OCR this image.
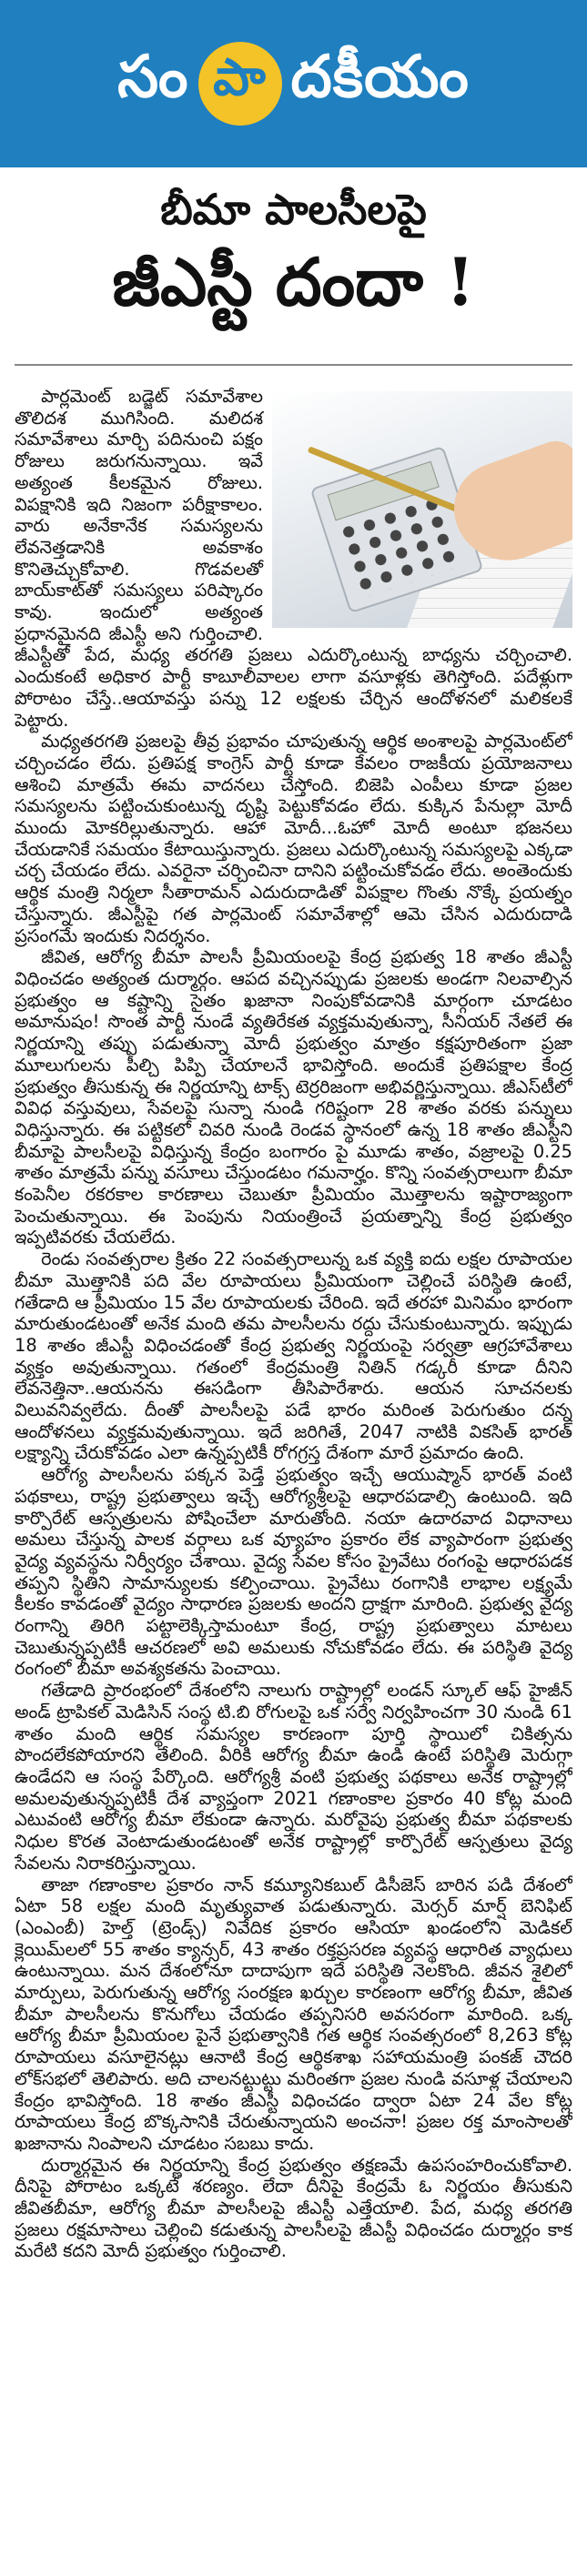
సం పా దకీయం
బీమా పాలసీలపై
జీఎస్టీ దందా !

పార్లమెంట్ బడ్జెట్ సమావేశాల తొలిదశ ముగిసింది. మలిదశ సమావేశాలు మార్చి పదినుంచి పక్షం రోజులు జరుగనున్నాయి. ఇవే అత్యంత కీలకమైన రోజులు. విపక్షానికి ఇది నిజంగా పరీక్షాకాలం. వారు అనేకానేక సమస్యలను లేవనెత్తడానికి అవకాశం కొనితెచ్చుకోవాలి. గొడవలతో బాయ్‌కాట్‌తో సమస్యలు పరిష్కారం కావు. ఇందులో అత్యంత ప్రధానమైనది జీఎస్టీ అని గుర్తించాలి. జీఎస్టీతో పేద, మధ్య తరగతి ప్రజలు ఎదుర్కొంటున్న బాధ్యను చర్చించాలి. ఎందుకంటే అధికార పార్టీ కాబూలీవాలల లాగా వసూళ్లకు తెగిస్తోంది. పదేళ్లుగా పోరాటం చేస్తే..ఆయావస్తు పన్ను 12 లక్షలకు చేర్చిన ఆందోళనలో మలికలకే పెట్టారు.

మధ్యతరగతి ప్రజలపై తీవ్ర ప్రభావం చూపుతున్న ఆర్థిక అంశాలపై పార్లమెంట్‌లో చర్చించడం లేదు. ప్రతిపక్ష కాంగ్రెస్ పార్టీ కూడా కేవలం రాజకీయ ప్రయోజనాలు ఆశించి మాత్రమే ఈమ వాదనలు చేస్తోంది. బిజెపి ఎంపీలు కూడా ప్రజల సమస్యలను పట్టించుకుంటున్న దృష్టి పెట్టుకోవడం లేదు. కుక్కిన పేనుల్లా మోదీ ముందు మోకరిల్లుతున్నారు. ఆహా మోదీ...ఓహో మోదీ అంటూ భజనలు చేయడానికే సమయం కేటాయిస్తున్నారు. ప్రజలు ఎదుర్కొంటున్న సమస్యలపై ఎక్కడా చర్చ చేయడం లేదు. ఎవరైనా చర్చించినా దానిని పట్టించుకోవడం లేదు. అంతెందుకు ఆర్థిక మంత్రి నిర్మలా సీతారామన్ ఎదురుదాడితో విపక్షాల గొంతు నొక్కే ప్రయత్నం చేస్తున్నారు. జీఎస్టీపై గత పార్లమెంట్ సమావేశాల్లో ఆమె చేసిన ఎదురుదాడి ప్రసంగమే ఇందుకు నిదర్శనం.

జీవిత, ఆరోగ్య బీమా పాలసీ ప్రీమియంలపై కేంద్ర ప్రభుత్వ 18 శాతం జీఎస్టీ విధించడం అత్యంత దుర్మార్గం. ఆపద వచ్చినప్పుడు ప్రజలకు అండగా నిలవాల్సిన ప్రభుత్వం ఆ కష్టాన్ని సైతం ఖజానా నింపుకోవడానికి మార్గంగా చూడటం అమానుషం! సొంత పార్టీ నుండే వ్యతిరేకత వ్యక్తమవుతున్నా, సీనియర్ నేతలే ఈ నిర్ణయాన్ని తప్పు పడుతున్నా మోదీ ప్రభుత్వం మాత్రం కక్షపూరితంగా ప్రజా మూలుగులను పీల్చి పిప్పి చేయాలనే భావిస్తోంది. అందుకే ప్రతిపక్షాల కేంద్ర ప్రభుత్వం తీసుకున్న ఈ నిర్ణయాన్ని టాక్స్ టెర్రరిజంగా అభివర్ణిస్తున్నాయి. జీఎస్‌టీలో వివిధ వస్తువులు, సేవలపై సున్నా నుండి గరిష్టంగా 28 శాతం వరకు పన్నులు విధిస్తున్నారు. ఈ పట్టికలో చివరి నుండి రెండవ స్థానంలో ఉన్న 18 శాతం జీఎస్టీని బీమాపై పాలసీలపై విధిస్తున్న కేంద్రం బంగారం పై మూడు శాతం, వజ్రాలపై 0.25 శాతం మాత్రమే పన్ను వసూలు చేస్తుండటం గమనార్హం. కొన్ని సంవత్సరాలుగా బీమా కంపెనీల రకరకాల కారణాలు చెబుతూ ప్రీమియం మొత్తాలను ఇష్టారాజ్యంగా పెంచుతున్నాయి. ఈ పెంపును నియంత్రించే ప్రయత్నాన్ని కేంద్ర ప్రభుత్వం ఇప్పటివరకు చేయలేదు.

రెండు సంవత్సరాల క్రితం 22 సంవత్సరాలున్న ఒక వ్యక్తి ఐదు లక్షల రూపాయల బీమా మొత్తానికి పది వేల రూపాయలు ప్రీమియంగా చెల్లించే పరిస్థితి ఉంటే, గతేడాది ఆ ప్రీమియం 15 వేల రూపాయలకు చేరింది. ఇదే తరహా మినిమం భారంగా మారుతుండటంతో అనేక మంది తమ పాలసీలను రద్దు చేసుకుంటున్నారు. ఇప్పుడు 18 శాతం జీఎస్టీ విధించడంతో కేంద్ర ప్రభుత్వ నిర్ణయంపై సర్వత్రా ఆగ్రహావేశాలు వ్యక్తం అవుతున్నాయి. గతంలో కేంద్రమంత్రి నితిన్ గడ్కరీ కూడా దీనిని లేవనెత్తినా..ఆయనను ఈసడింగా తీసిపారేశారు. ఆయన సూచనలకు విలువనివ్వలేదు. దీంతో పాలసీలపై పడే భారం మరింత పెరుగుతుం దన్న ఆందోళనలు వ్యక్తమవుతున్నాయి. ఇదే జరిగితే, 2047 నాటికి వికసిత్ భారత్ లక్ష్యాన్ని చేరుకోవడం ఎలా ఉన్నప్పటికీ రోగగ్రస్త దేశంగా మారే ప్రమాదం ఉంది.

ఆరోగ్య పాలసీలను పక్కన పెడ్తే ప్రభుత్వం ఇచ్చే ఆయుష్మాన్ భారత్ వంటి పథకాలు, రాష్ట్ర ప్రభుత్వాలు ఇచ్చే ఆరోగ్యశ్రీలపై ఆధారపడాల్సి ఉంటుంది. ఇది కార్పొరేట్ ఆస్పత్రులను పోషించేలా మారుతోంది. నయా ఉదారవాద విధానాలు అమలు చేస్తున్న పాలక వర్గాలు ఒక వ్యూహం ప్రకారం లేక వ్యాపారంగా ప్రభుత్వ వైద్య వ్యవస్థను నిర్వీర్యం చేశాయి. వైద్య సేవల కోసం ప్రైవేటు రంగంపై ఆధారపడక తప్పని స్థితిని సామాన్యులకు కల్పించాయి. ప్రైవేటు రంగానికి లాభాల లక్ష్యమే కీలకం కావడంతో వైద్యం సాధారణ ప్రజలకు అందని ద్రాక్షగా మారింది. ప్రభుత్వ వైద్య రంగాన్ని తిరిగి పట్టాలెక్కిస్తామంటూ కేంద్ర, రాష్ట్ర ప్రభుత్వాలు మాటలు చెబుతున్నప్పటికీ ఆచరణలో అవి అమలుకు నోచుకోవడం లేదు. ఈ పరిస్థితి వైద్య రంగంలో బీమా అవశ్యకతను పెంచాయి.

గతేడాది ప్రారంభంలో దేశంలోని నాలుగు రాష్ట్రాల్లో లండన్ స్కూల్ ఆఫ్ హైజీన్ అండ్ ట్రాపికల్ మెడిసిన్ సంస్థ టి.బి రోగులపై ఒక సర్వే నిర్వహించగా 30 నుండి 61 శాతం మంది ఆర్థిక సమస్యల కారణంగా పూర్తి స్థాయిలో చికిత్సను పొందలేకపోయారని తేలింది. వీరికి ఆరోగ్య బీమా ఉండి ఉంటే పరిస్థితి మెరుగ్గా ఉండేదని ఆ సంస్థ పేర్కొంది. ఆరోగ్యశ్రీ వంటి ప్రభుత్వ పథకాలు అనేక రాష్ట్రాల్లో అమలవుతున్నప్పటికీ దేశ వ్యాప్తంగా 2021 గణాంకాల ప్రకారం 40 కోట్ల మంది ఎటువంటి ఆరోగ్య బీమా లేకుండా ఉన్నారు. మరోవైపు ప్రభుత్వ బీమా పథకాలకు నిధుల కొరత వెంటాడుతుండటంతో అనేక రాష్ట్రాల్లో కార్పొరేట్ ఆస్పత్రులు వైద్య సేవలను నిరాకరిస్తున్నాయి.

తాజా గణాంకాల ప్రకారం నాన్ కమ్యూనికబుల్ డిసీజెస్ బారిన పడి దేశంలో ఏటా 58 లక్షల మంది మృత్యువాత పడుతున్నారు. మెర్సర్ మార్ష్ బెనిఫిట్ (ఎంఎంబీ) హెల్త్ (ట్రెండ్స్) నివేదిక ప్రకారం ఆసియా ఖండంలోని మెడికల్ క్లెయిమ్‌లలో 55 శాతం క్యాన్సర్, 43 శాతం రక్తప్రసరణ వ్యవస్థ ఆధారిత వ్యాధులు ఉంటున్నాయి. మన దేశంలోనూ దాదాపుగా ఇదే పరిస్థితి నెలకొంది. జీవన శైలిలో మార్పులు, పెరుగుతున్న ఆరోగ్య సంరక్షణ ఖర్చుల కారణంగా ఆరోగ్య బీమా, జీవిత బీమా పాలసీలను కొనుగోలు చేయడం తప్పనిసరి అవసరంగా మారింది. ఒక్క ఆరోగ్య బీమా ప్రీమియంల పైనే ప్రభుత్వానికి గత ఆర్థిక సంవత్సరంలో 8,263 కోట్ల రూపాయలు వసూలైనట్లు ఆనాటి కేంద్ర ఆర్థికశాఖ సహాయమంత్రి పంకజ్ చౌదరి లోక్‌సభలో తెలిపారు. అది చాలనట్టుట్టు మరింతగా ప్రజల నుండి వసూళ్ల చేయాలని కేంద్రం భావిస్తోంది. 18 శాతం జీఎస్టీ విధించడం ద్వారా ఏటా 24 వేల కోట్ల రూపాయలు కేంద్ర బొక్కసానికి చేరుతున్నాయని అంచనా! ప్రజల రక్త మాంసాలతో ఖజానాను నింపాలని చూడటం సబబు కాదు.

దుర్మార్గమైన ఈ నిర్ణయాన్ని కేంద్ర ప్రభుత్వం తక్షణమే ఉపసంహరించుకోవాలి. దీనిపై పోరాటం ఒక్కటే శరణ్యం. లేదా దీనిపై కేంద్రమే ఓ నిర్ణయం తీసుకుని జీవితబీమా, ఆరోగ్య బీమా పాలసీలపై జీఎస్టీ ఎత్తేయాలి. పేద, మధ్య తరగతి ప్రజలు రక్షమాసాలు చెల్లించి కడుతున్న పాలసీలపై జీఎస్టీ విధించడం దుర్మార్గం కాక మరేటి కదని మోదీ ప్రభుత్వం గుర్తించాలి.
